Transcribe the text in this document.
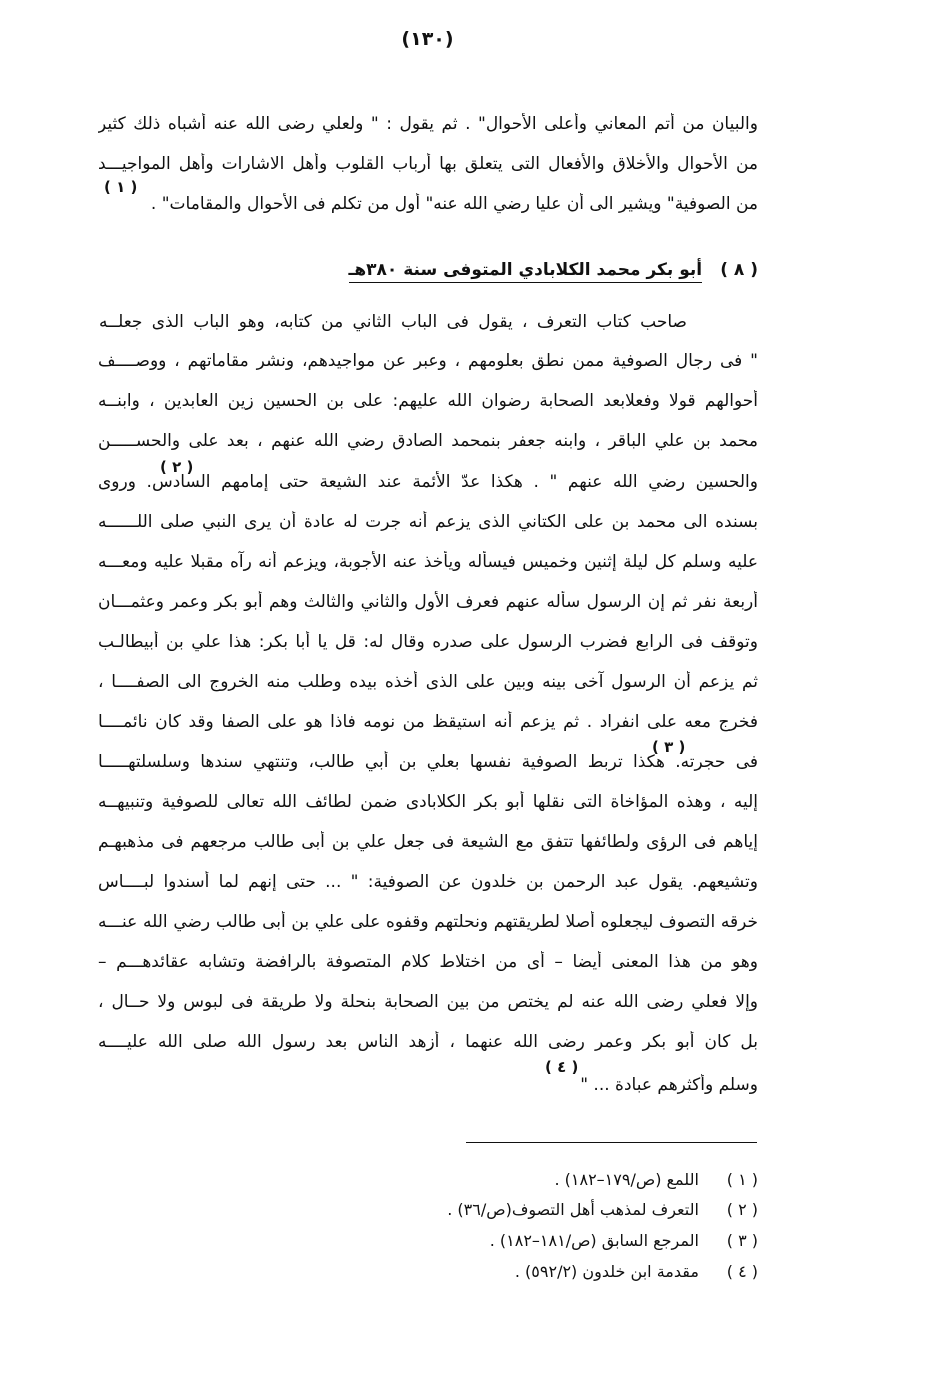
(١٣٠)
والبيان من أتم المعاني وأعلى الأحوال" . ثم يقول : " ولعلي رضى الله عنه أشباه ذلك كثير
من الأحوال والأخلاق والأفعال التى يتعلق بها أرباب القلوب وأهل الاشارات وأهل المواجيـــد
من الصوفية" ويشير الى أن عليا رضي الله عنه" أول من تكلم فى الأحوال والمقامات" .
( ١ )
( ٨ ) أبو بكر محمد الكلابادي المتوفى سنة ٣٨٠هـ
صاحب كتاب التعرف ، يقول فى الباب الثاني من كتابه، وهو الباب الذى جعلــه
" فى رجال الصوفية ممن نطق بعلومهم ، وعبر عن مواجيدهم، ونشر مقاماتهم ، ووصــــف
أحوالهم قولا وفعلابعد الصحابة رضوان الله عليهم: على بن الحسين زين العابدين ، وابنــه
محمد بن علي الباقر ، وابنه جعفر بنمحمد الصادق رضي الله عنهم ، بعد على والحســـــن
والحسين رضي الله عنهم " . هكذا عدّ الأئمة عند الشيعة حتى إمامهم السادس. وروى
( ٢ )
بسنده الى محمد بن على الكتاني الذى يزعم أنه جرت له عادة أن يرى النبي صلى اللــــــه
عليه وسلم كل ليلة إثنين وخميس فيسأله ويأخذ عنه الأجوبة، ويزعم أنه رآه مقبلا عليه ومعـــه
أربعة نفر ثم إن الرسول سأله عنهم فعرف الأول والثاني والثالث وهم أبو بكر وعمر وعثمـــان
وتوقف فى الرابع فضرب الرسول على صدره وقال له: قل يا أبا بكر: هذا علي بن أبيطالـب
ثم يزعم أن الرسول آخى بينه وبين على الذى أخذه بيده وطلب منه الخروج الى الصفــــا ،
فخرج معه على انفراد . ثم يزعم أنه استيقظ من نومه فاذا هو على الصفا وقد كان نائمــــا
فى حجرته. هكذا تربط الصوفية نفسها بعلي بن أبي طالب، وتنتهي سندها وسلسلتهـــــا
( ٣ )
إليه ، وهذه المؤاخاة التى نقلها أبو بكر الكلابادى ضمن لطائف الله تعالى للصوفية وتنبيهــه
إياهم فى الرؤى ولطائفها تتفق مع الشيعة فى جعل علي بن أبى طالب مرجعهم فى مذهبهـم
وتشيعهم. يقول عبد الرحمن بن خلدون عن الصوفية: " ... حتى إنهم لما أسندوا لبــــاس
خرقه التصوف ليجعلوه أصلا لطريقتهم ونحلتهم وقفوه على علي بن أبى طالب رضي الله عنـــه
وهو من هذا المعنى أيضا – أى من اختلاط كلام المتصوفة بالرافضة وتشابه عقائدهـــم –
وإلا فعلي رضى الله عنه لم يختص من بين الصحابة بنحلة ولا طريقة فى لبوس ولا حــال ،
بل كان أبو بكر وعمر رضى الله عنهما ، أزهد الناس بعد رسول الله صلى الله عليــــه
وسلم وأكثرهم عبادة ... "
( ٤ )
( ١ ) اللمع (ص/١٧٩–١٨٢) .
( ٢ ) التعرف لمذهب أهل التصوف(ص/٣٦) .
( ٣ ) المرجع السابق (ص/١٨١–١٨٢) .
( ٤ ) مقدمة ابن خلدون (٥٩٢/٢) .
